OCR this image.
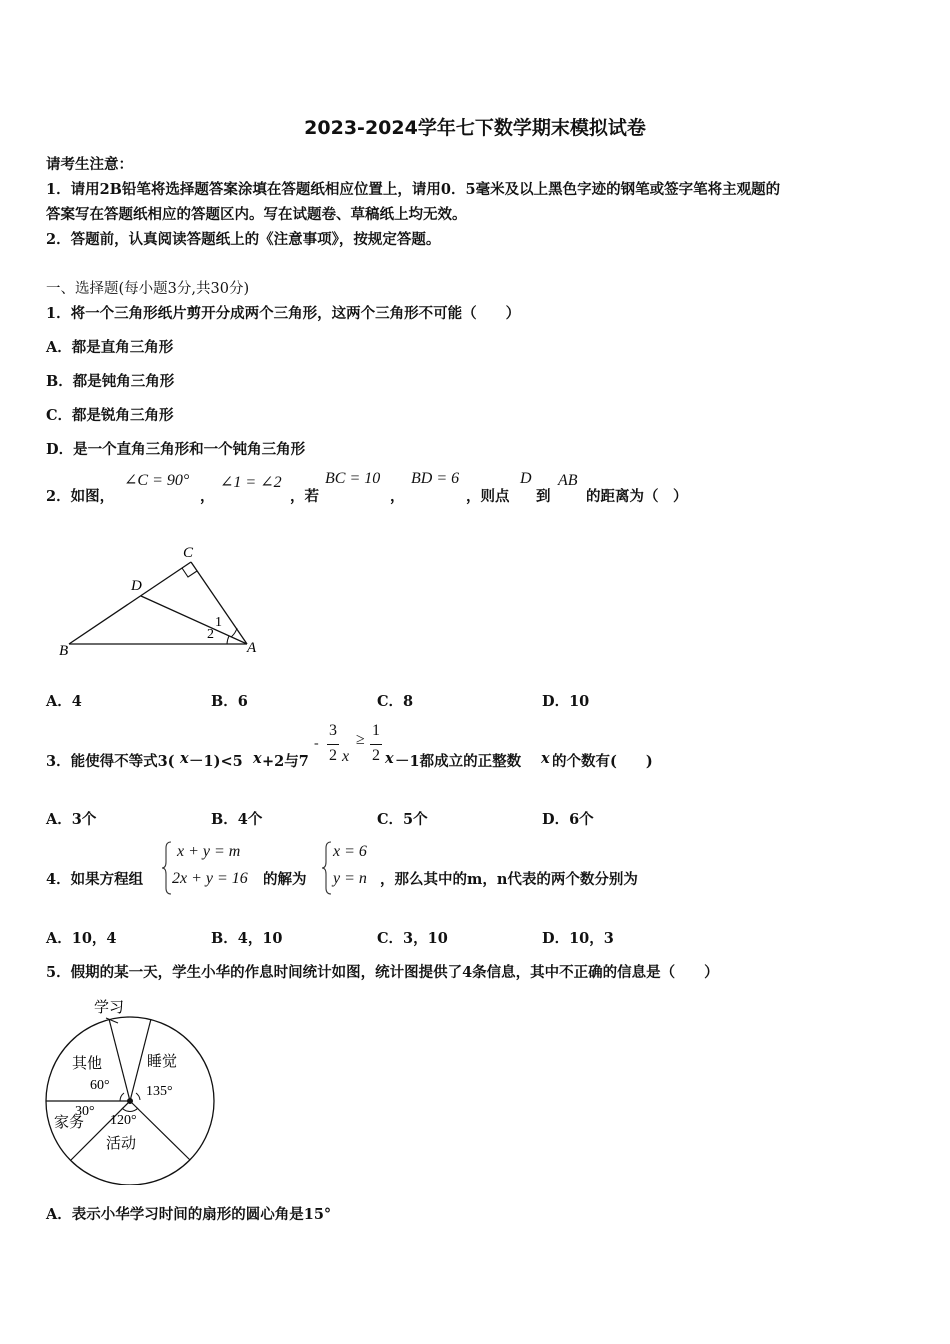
2023-2024学年七下数学期末模拟试卷
请考生注意：
1．请用2B铅笔将选择题答案涂填在答题纸相应位置上，请用0．5毫米及以上黑色字迹的钢笔或签字笔将主观题的
答案写在答题纸相应的答题区内。写在试题卷、草稿纸上均无效。
2．答题前，认真阅读答题纸上的《注意事项》，按规定答题。
一、选择题(每小题3分,共30分)
1．将一个三角形纸片剪开分成两个三角形，这两个三角形不可能（　　）
A．都是直角三角形
B．都是钝角三角形
C．都是锐角三角形
D．是一个直角三角形和一个钝角三角形
2．如图，
∠C = 90°
，
∠1 = ∠2
，若
BC = 10
，
BD = 6
，则点
D
到
AB
的距离为（　）
C
D
B	A
1
2
A．4	B．6	C．8	D．10
3．能使得不等式3( x －1)<5 x +2与7
-
3
2 x
≥
1
2 x －1都成立的正整数 x 的个数有(　　)
A．3个	B．4个	C．5个	D．6个
4．如果方程组
x + y = m
2x + y = 16 的解为
x = 6
y = n ，那么其中的m，n代表的两个数分别为
A．10，4	B．4，10	C．3，10	D．10，3
5．假期的某一天，学生小华的作息时间统计如图，统计图提供了4条信息，其中不正确的信息是（　　）
学习
睡觉
135°
其他
60°
30°
家务 120°
活动
A．表示小华学习时间的扇形的圆心角是15°
